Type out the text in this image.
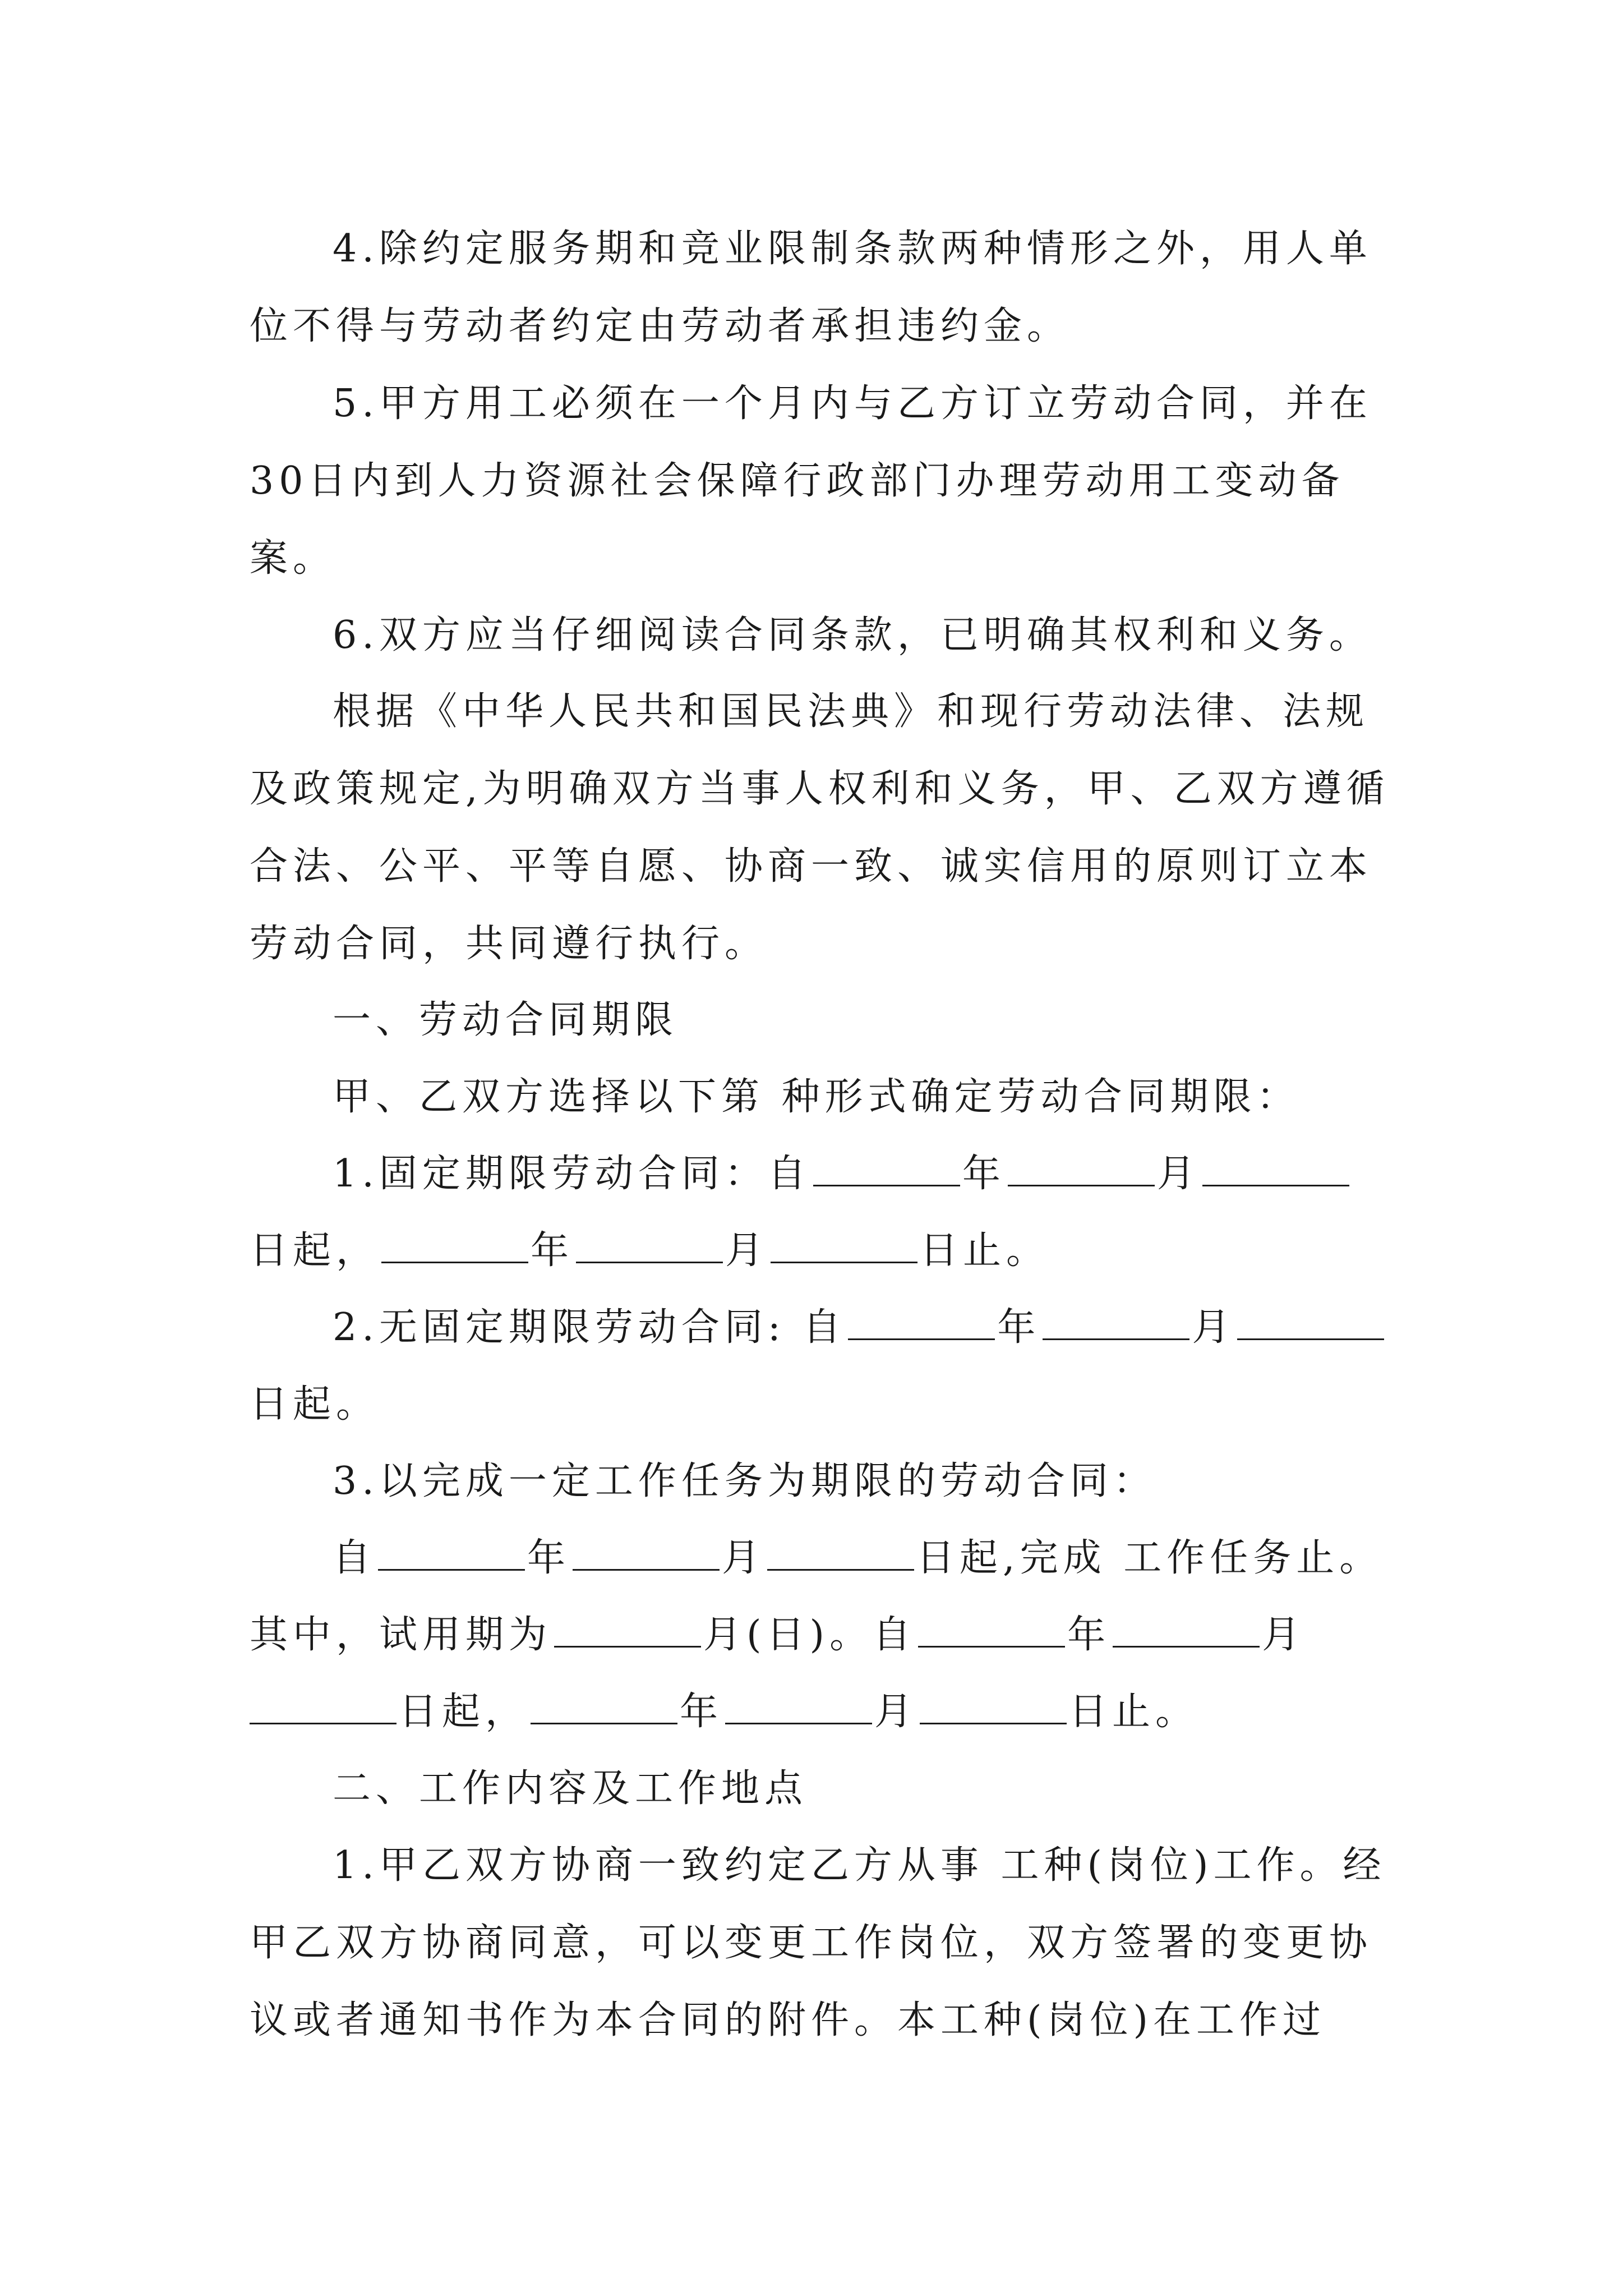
4.除约定服务期和竞业限制条款两种情形之外，用人单位不得与劳动者约定由劳动者承担违约金。

5.甲方用工必须在一个月内与乙方订立劳动合同，并在30日内到人力资源社会保障行政部门办理劳动用工变动备案。

6.双方应当仔细阅读合同条款，已明确其权利和义务。

根据《中华人民共和国民法典》和现行劳动法律、法规及政策规定,为明确双方当事人权利和义务，甲、乙双方遵循合法、公平、平等自愿、协商一致、诚实信用的原则订立本劳动合同，共同遵行执行。

一、劳动合同期限
甲、乙双方选择以下第 种形式确定劳动合同期限：
1.固定期限劳动合同：自	年	月
日起，	年	月	日止。
2.无固定期限劳动合同: 自	年	月
日起。
3.以完成一定工作任务为期限的劳动合同：
自	年	月	日起,完成 工作任务止。
其中，试用期为	月(日)。自	年	月
日起，	年	月	日止。
二、工作内容及工作地点

1.甲乙双方协商一致约定乙方从事 工种(岗位)工作。经甲乙双方协商同意，可以变更工作岗位，双方签署的变更协议或者通知书作为本合同的附件。本工种(岗位)在工作过
